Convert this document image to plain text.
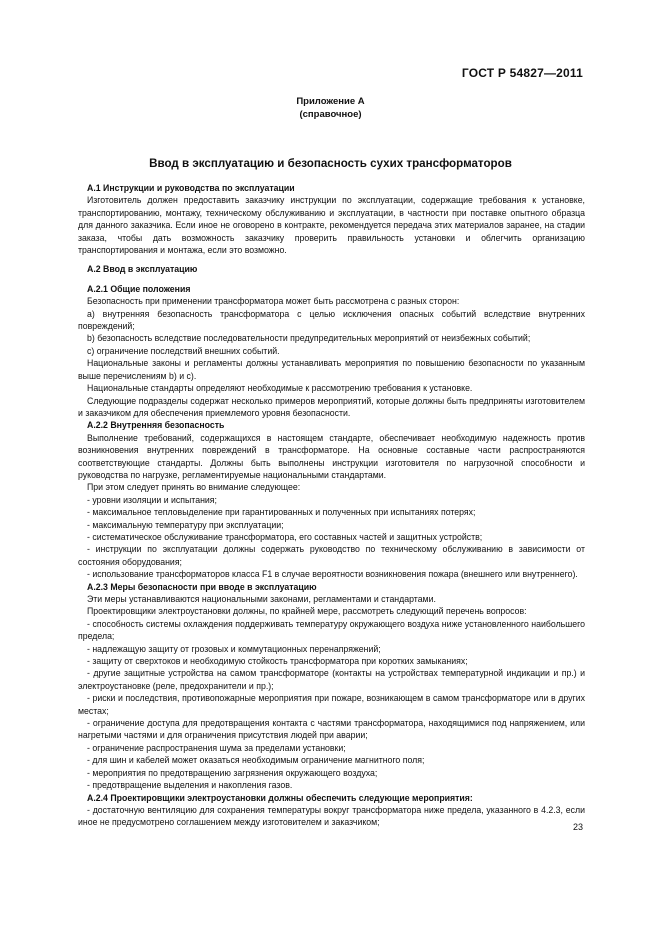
ГОСТ Р 54827—2011
Приложение А
(справочное)
Ввод в эксплуатацию и безопасность сухих трансформаторов

А.1 Инструкции и руководства по эксплуатации

Изготовитель должен предоставить заказчику инструкции по эксплуатации, содержащие требования к установке, транспортированию, монтажу, техническому обслуживанию и эксплуатации, в частности при поставке опытного образца для данного заказчика. Если иное не оговорено в контракте, рекомендуется передача этих материалов заранее, на стадии заказа, чтобы дать возможность заказчику проверить правильность установки и облегчить организацию транспортирования и монтажа, если это возможно.

А.2 Ввод в эксплуатацию

А.2.1 Общие положения

Безопасность при применении трансформатора может быть рассмотрена с разных сторон:

a) внутренняя безопасность трансформатора с целью исключения опасных событий вследствие внутренних повреждений;

b) безопасность вследствие последовательности предупредительных мероприятий от неизбежных событий;

c) ограничение последствий внешних событий.

Национальные законы и регламенты должны устанавливать мероприятия по повышению безопасности по указанным выше перечислениям b) и c).

Национальные стандарты определяют необходимые к рассмотрению требования к установке.

Следующие подразделы содержат несколько примеров мероприятий, которые должны быть предприняты изготовителем и заказчиком для обеспечения приемлемого уровня безопасности.

А.2.2 Внутренняя безопасность

Выполнение требований, содержащихся в настоящем стандарте, обеспечивает необходимую надежность против возникновения внутренних повреждений в трансформаторе. На основные составные части распространяются соответствующие стандарты. Должны быть выполнены инструкции изготовителя по нагрузочной способности и руководства по нагрузке, регламентируемые национальными стандартами.

При этом следует принять во внимание следующее:

- уровни изоляции и испытания;

- максимальное тепловыделение при гарантированных и полученных при испытаниях потерях;

- максимальную температуру при эксплуатации;

- систематическое обслуживание трансформатора, его составных частей и защитных устройств;

- инструкции по эксплуатации должны содержать руководство по техническому обслуживанию в зависимости от состояния оборудования;

- использование трансформаторов класса F1 в случае вероятности возникновения пожара (внешнего или внутреннего).

А.2.3 Меры безопасности при вводе в эксплуатацию

Эти меры устанавливаются национальными законами, регламентами и стандартами.

Проектировщики электроустановки должны, по крайней мере, рассмотреть следующий перечень вопросов:

- способность системы охлаждения поддерживать температуру окружающего воздуха ниже установленного наибольшего предела;

- надлежащую защиту от грозовых и коммутационных перенапряжений;

- защиту от сверхтоков и необходимую стойкость трансформатора при коротких замыканиях;

- другие защитные устройства на самом трансформаторе (контакты на устройствах температурной индикации и пр.) и электроустановке (реле, предохранители и пр.);

- риски и последствия, противопожарные мероприятия при пожаре, возникающем в самом трансформаторе или в других местах;

- ограничение доступа для предотвращения контакта с частями трансформатора, находящимися под напряжением, или нагретыми частями и для ограничения присутствия людей при аварии;

- ограничение распространения шума за пределами установки;

- для шин и кабелей может оказаться необходимым ограничение магнитного поля;

- мероприятия по предотвращению загрязнения окружающего воздуха;

- предотвращение выделения и накопления газов.

А.2.4 Проектировщики электроустановки должны обеспечить следующие мероприятия:

- достаточную вентиляцию для сохранения температуры вокруг трансформатора ниже предела, указанного в 4.2.3, если иное не предусмотрено соглашением между изготовителем и заказчиком;	23
